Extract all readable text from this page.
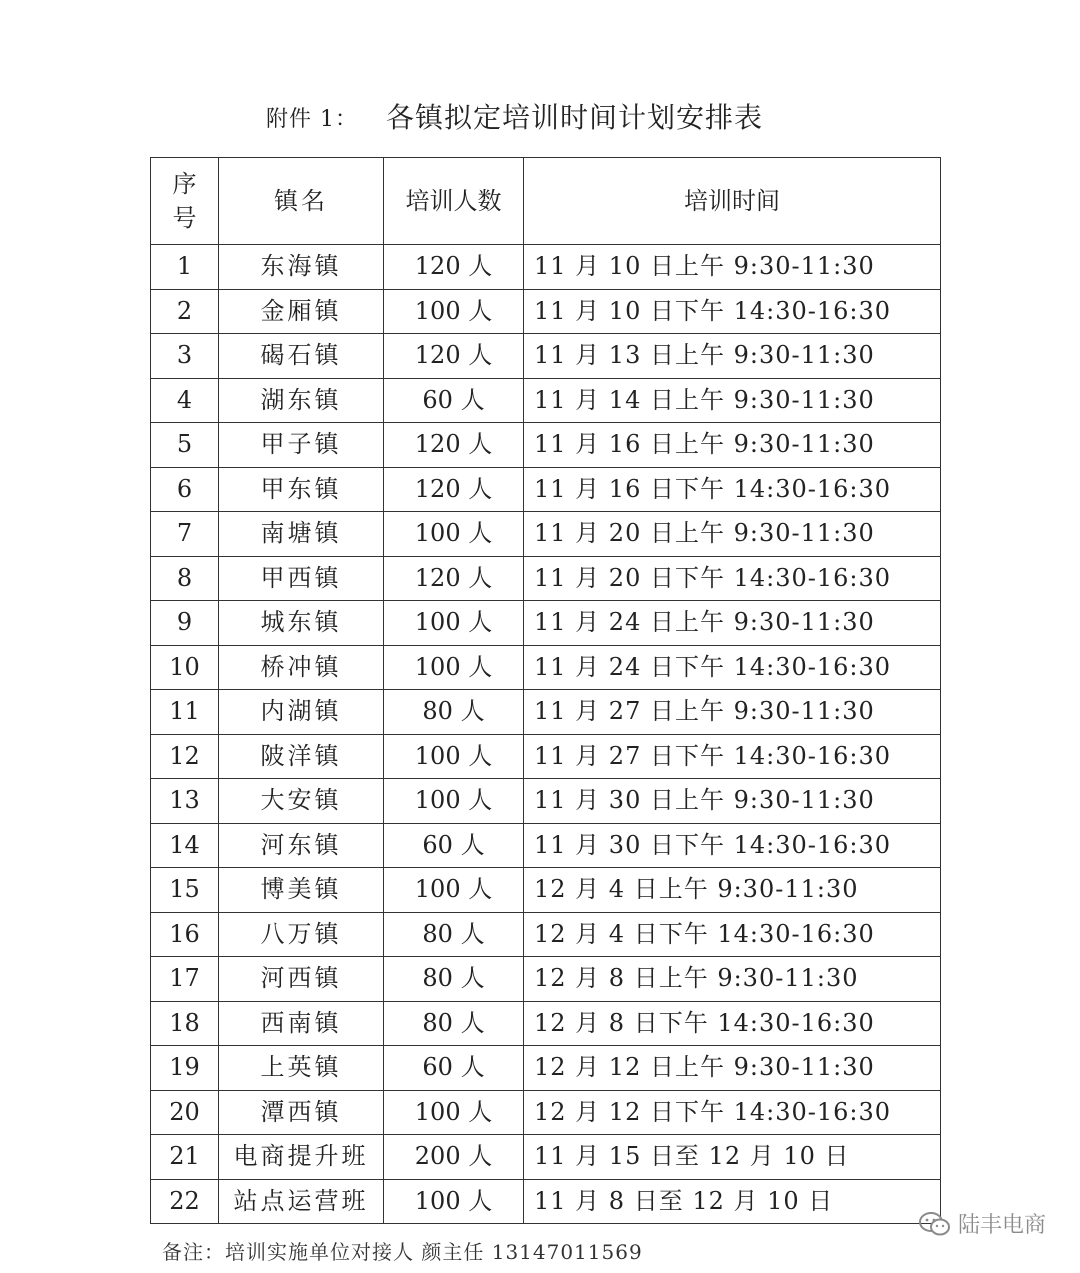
附件 1： 各镇拟定培训时间计划安排表
序号	镇名	培训人数	培训时间
1	东海镇	120 人	11 月 10 日上午 9:30-11:30
2	金厢镇	100 人	11 月 10 日下午 14:30-16:30
3	碣石镇	120 人	11 月 13 日上午 9:30-11:30
4	湖东镇	60 人	11 月 14 日上午 9:30-11:30
5	甲子镇	120 人	11 月 16 日上午 9:30-11:30
6	甲东镇	120 人	11 月 16 日下午 14:30-16:30
7	南塘镇	100 人	11 月 20 日上午 9:30-11:30
8	甲西镇	120 人	11 月 20 日下午 14:30-16:30
9	城东镇	100 人	11 月 24 日上午 9:30-11:30
10	桥冲镇	100 人	11 月 24 日下午 14:30-16:30
11	内湖镇	80 人	11 月 27 日上午 9:30-11:30
12	陂洋镇	100 人	11 月 27 日下午 14:30-16:30
13	大安镇	100 人	11 月 30 日上午 9:30-11:30
14	河东镇	60 人	11 月 30 日下午 14:30-16:30
15	博美镇	100 人	12 月 4 日上午 9:30-11:30
16	八万镇	80 人	12 月 4 日下午 14:30-16:30
17	河西镇	80 人	12 月 8 日上午 9:30-11:30
18	西南镇	80 人	12 月 8 日下午 14:30-16:30
19	上英镇	60 人	12 月 12 日上午 9:30-11:30
20	潭西镇	100 人	12 月 12 日下午 14:30-16:30
21	电商提升班	200 人	11 月 15 日至 12 月 10 日
22	站点运营班	100 人	11 月 8 日至 12 月 10 日
备注：培训实施单位对接人 颜主任 13147011569
陆丰电商
